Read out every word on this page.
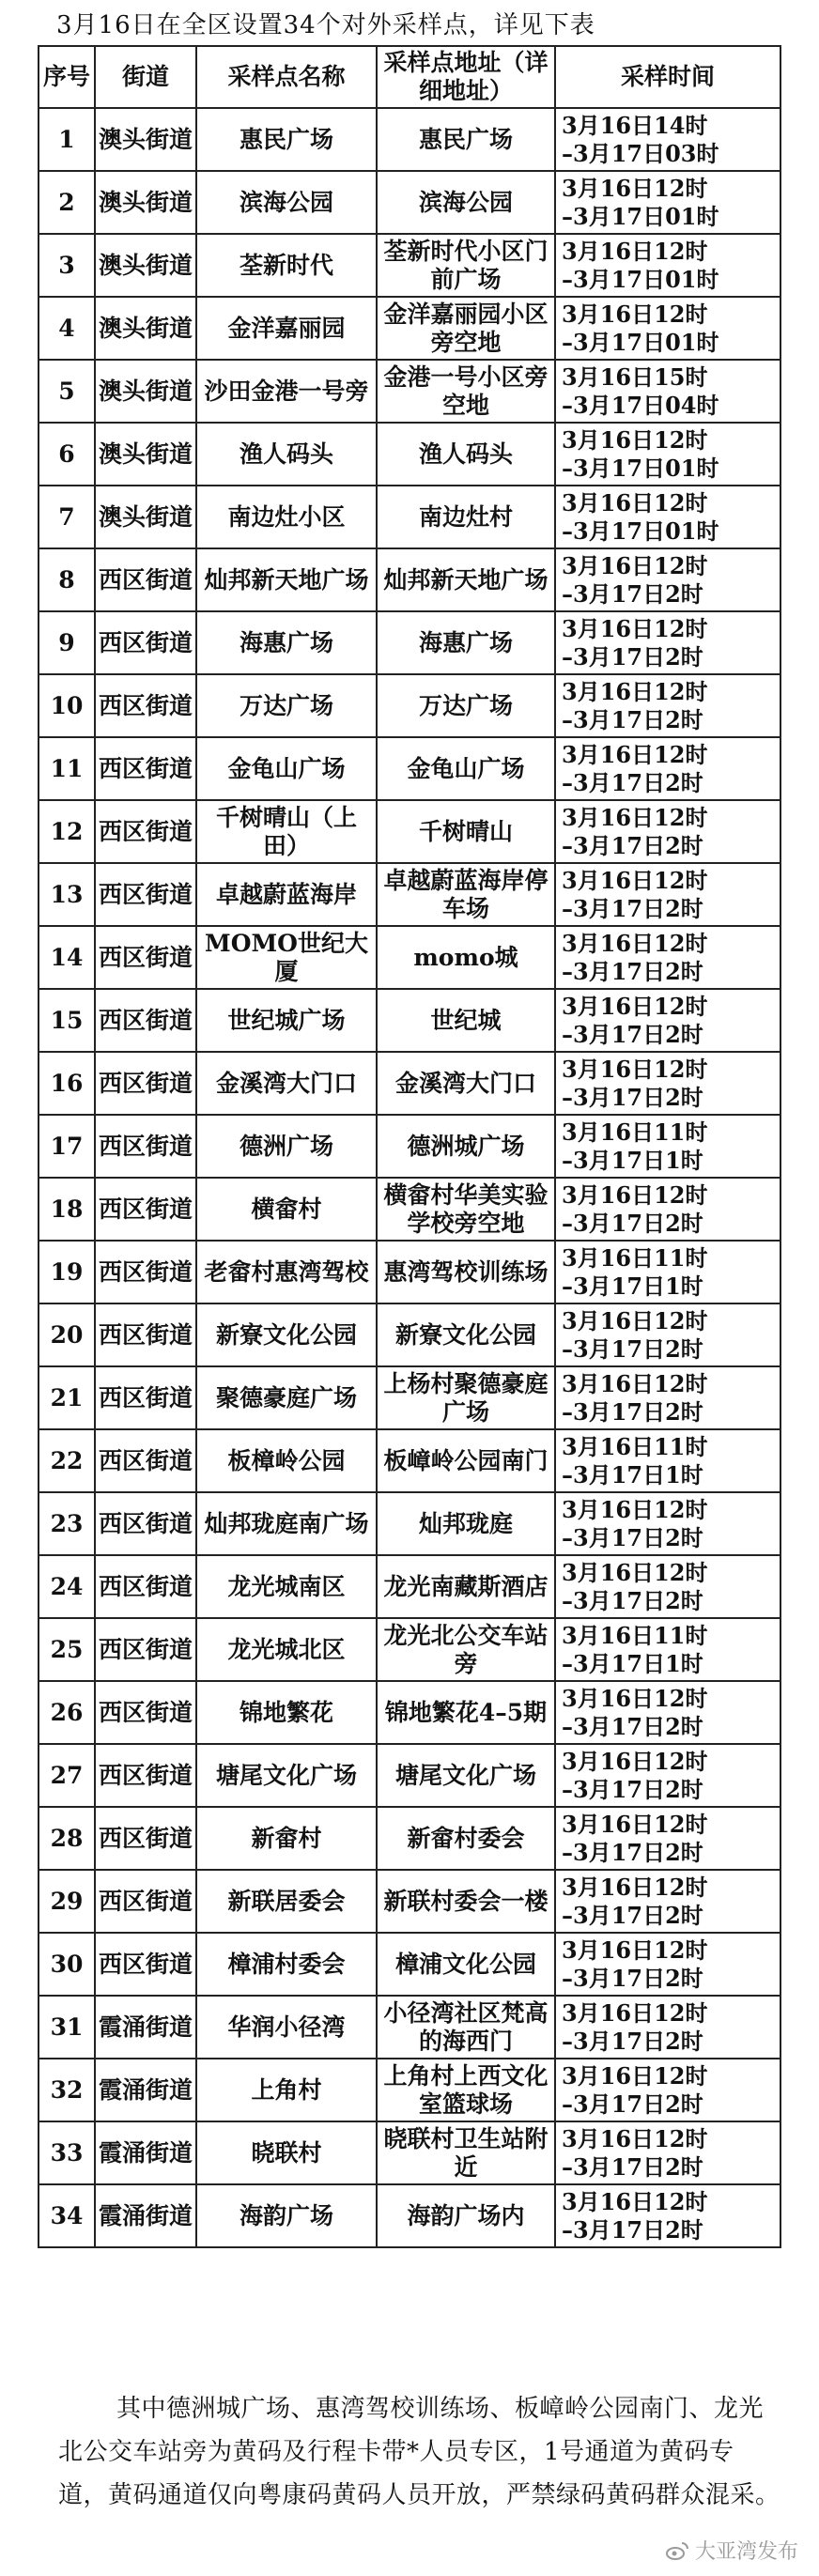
3月16日在全区设置34个对外采样点，详见下表
序号	街道	采样点名称	采样点地址（详细地址）	采样时间
1	澳头街道	惠民广场	惠民广场	3月16日14时
–3月17日03时

2	澳头街道	滨海公园	滨海公园	3月16日12时
–3月17日01时

3	澳头街道	荃新时代	荃新时代小区门前广场	3月16日12时
–3月17日01时

4	澳头街道	金洋嘉丽园	金洋嘉丽园小区旁空地	3月16日12时
–3月17日01时

5	澳头街道	沙田金港一号旁	金港一号小区旁空地	3月16日15时
–3月17日04时

6	澳头街道	渔人码头	渔人码头	3月16日12时
–3月17日01时

7	澳头街道	南边灶小区	南边灶村	3月16日12时
–3月17日01时

8	西区街道	灿邦新天地广场	灿邦新天地广场	3月16日12时
–3月17日2时

9	西区街道	海惠广场	海惠广场	3月16日12时
–3月17日2时

10	西区街道	万达广场	万达广场	3月16日12时
–3月17日2时

11	西区街道	金龟山广场	金龟山广场	3月16日12时
–3月17日2时

12	西区街道	千树晴山（上田）	千树晴山	3月16日12时
–3月17日2时

13	西区街道	卓越蔚蓝海岸	卓越蔚蓝海岸停车场	3月16日12时
–3月17日2时

14	西区街道	MOMO世纪大厦	momo城	3月16日12时
–3月17日2时

15	西区街道	世纪城广场	世纪城	3月16日12时
–3月17日2时

16	西区街道	金溪湾大门口	金溪湾大门口	3月16日12时
–3月17日2时

17	西区街道	德洲广场	德洲城广场	3月16日11时
–3月17日1时

18	西区街道	横畲村	横畲村华美实验学校旁空地	3月16日12时
–3月17日2时

19	西区街道	老畲村惠湾驾校	惠湾驾校训练场	3月16日11时
–3月17日1时

20	西区街道	新寮文化公园	新寮文化公园	3月16日12时
–3月17日2时

21	西区街道	聚德豪庭广场	上杨村聚德豪庭广场	3月16日12时
–3月17日2时

22	西区街道	板樟岭公园	板嶂岭公园南门	3月16日11时
–3月17日1时

23	西区街道	灿邦珑庭南广场	灿邦珑庭	3月16日12时
–3月17日2时

24	西区街道	龙光城南区	龙光南藏斯酒店	3月16日12时
–3月17日2时

25	西区街道	龙光城北区	龙光北公交车站旁	3月16日11时
–3月17日1时

26	西区街道	锦地繁花	锦地繁花4–5期	3月16日12时
–3月17日2时

27	西区街道	塘尾文化广场	塘尾文化广场	3月16日12时
–3月17日2时

28	西区街道	新畲村	新畲村委会	3月16日12时
–3月17日2时

29	西区街道	新联居委会	新联村委会一楼	3月16日12时
–3月17日2时

30	西区街道	樟浦村委会	樟浦文化公园	3月16日12时
–3月17日2时

31	霞涌街道	华润小径湾	小径湾社区梵高的海西门	3月16日12时
–3月17日2时

32	霞涌街道	上角村	上角村上西文化室篮球场	3月16日12时
–3月17日2时

33	霞涌街道	晓联村	晓联村卫生站附近	3月16日12时
–3月17日2时

34	霞涌街道	海韵广场	海韵广场内	3月16日12时
–3月17日2时
其中德洲城广场、惠湾驾校训练场、板嶂岭公园南门、龙光北公交车站旁为黄码及行程卡带*人员专区，1号通道为黄码专道，黄码通道仅向粤康码黄码人员开放，严禁绿码黄码群众混采。
大亚湾发布
